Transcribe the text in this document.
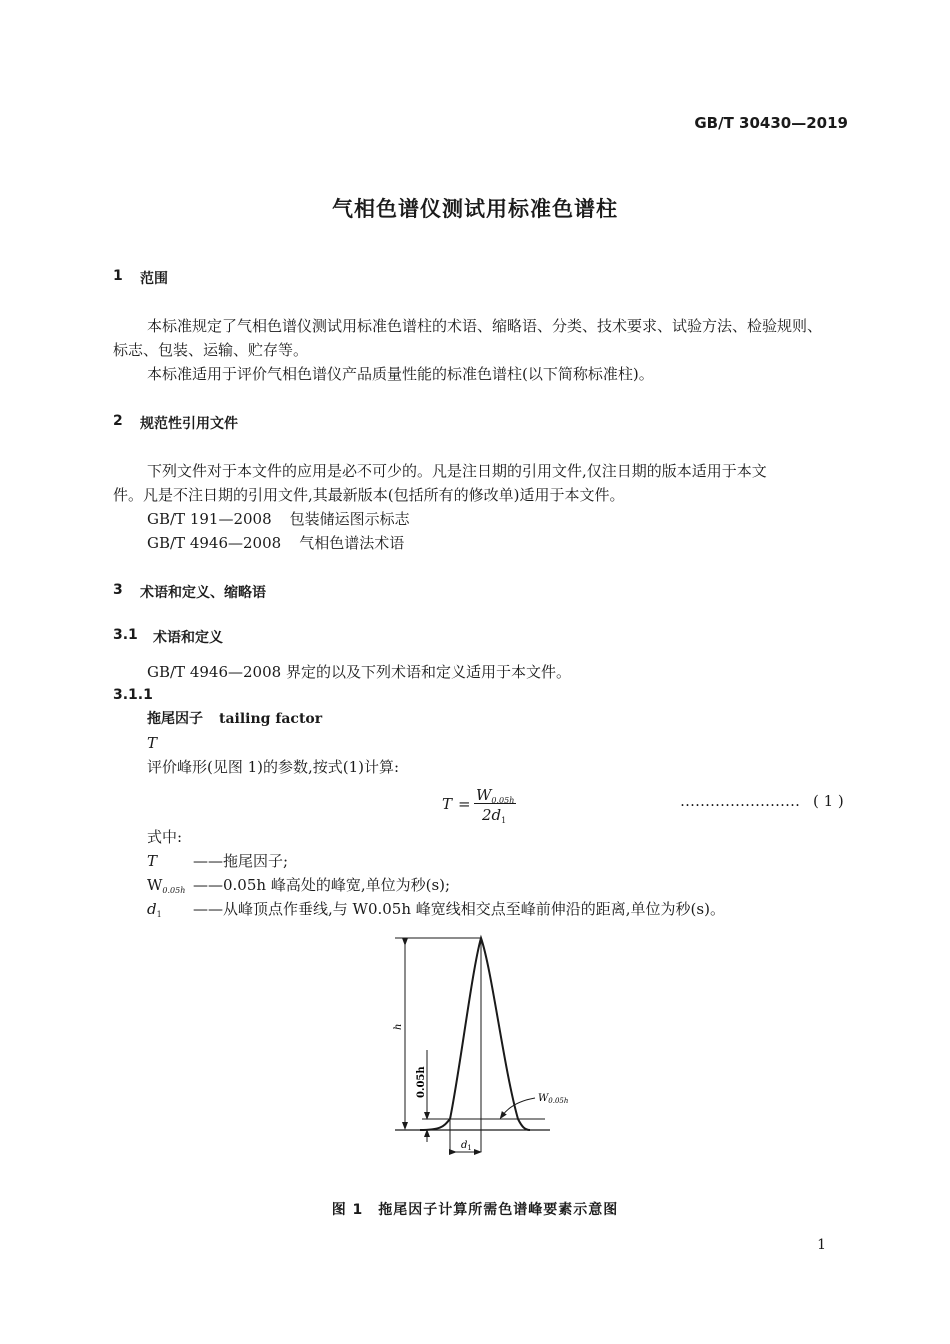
GB/T 30430—2019
气相色谱仪测试用标准色谱柱
1 范围
本标准规定了气相色谱仪测试用标准色谱柱的术语、缩略语、分类、技术要求、试验方法、检验规则、
标志、包装、运输、贮存等。
本标准适用于评价气相色谱仪产品质量性能的标准色谱柱(以下简称标准柱)。
2 规范性引用文件
下列文件对于本文件的应用是必不可少的。凡是注日期的引用文件,仅注日期的版本适用于本文
件。凡是不注日期的引用文件,其最新版本(包括所有的修改单)适用于本文件。
GB/T 191—2008 包装储运图示标志
GB/T 4946—2008 气相色谱法术语
3 术语和定义、缩略语
3.1 术语和定义
GB/T 4946—2008 界定的以及下列术语和定义适用于本文件。
3.1.1
拖尾因子 tailing factor
T
评价峰形(见图 1)的参数,按式(1)计算:
$T = W_{0.05h}$
$2d_1$
…………………… ( 1 )
式中:
T ——拖尾因子;
$W_{0.05h}$ ——0.05h 峰高处的峰宽,单位为秒(s);
$d_1$ ——从峰顶点作垂线,与 W0.05h 峰宽线相交点至峰前伸沿的距离,单位为秒(s)。
h
0.05h
$W_{0.05h}$
$d_1$
图 1　拖尾因子计算所需色谱峰要素示意图
1
